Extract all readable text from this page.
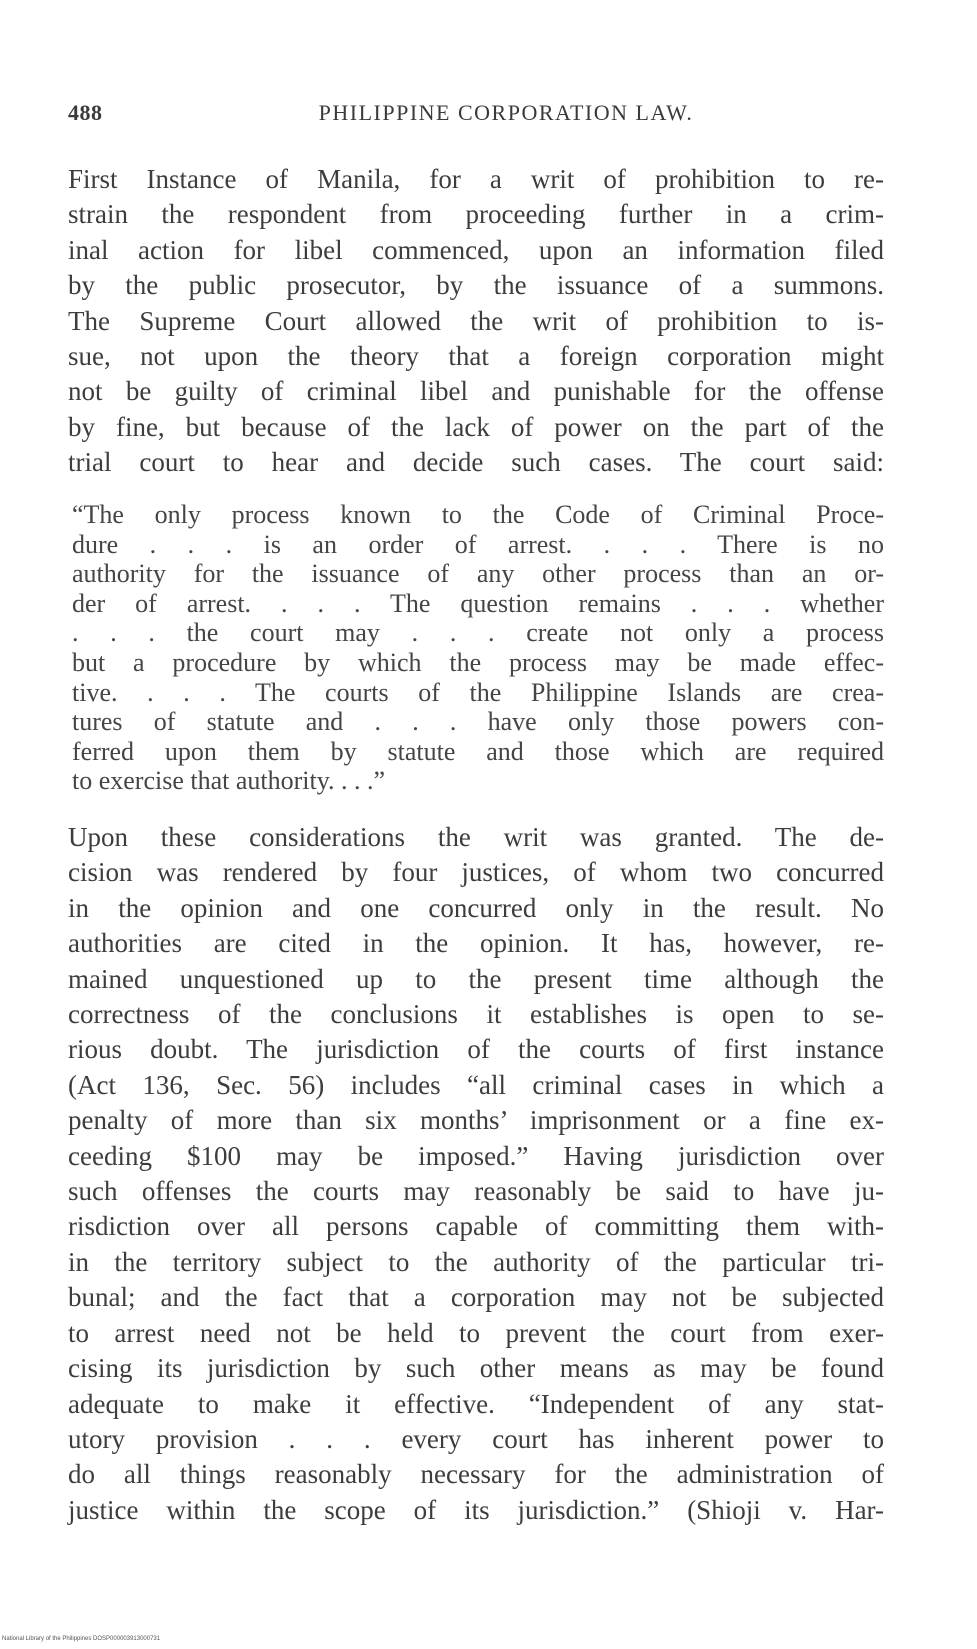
488	PHILIPPINE CORPORATION LAW.
First Instance of Manila, for a writ of prohibition to re-
strain the respondent from proceeding further in a crim-
inal action for libel commenced, upon an information filed
by the public prosecutor, by the issuance of a summons.
The Supreme Court allowed the writ of prohibition to is-
sue, not upon the theory that a foreign corporation might
not be guilty of criminal libel and punishable for the offense
by fine, but because of the lack of power on the part of the
trial court to hear and decide such cases. The court said:
“The only process known to the Code of Criminal Proce-
dure . . . is an order of arrest. . . . There is no
authority for the issuance of any other process than an or-
der of arrest. . . . The question remains . . . whether
. . . the court may . . . create not only a process
but a procedure by which the process may be made effec-
tive. . . . The courts of the Philippine Islands are crea-
tures of statute and . . . have only those powers con-
ferred upon them by statute and those which are required
to exercise that authority. . . .”
Upon these considerations the writ was granted. The de-
cision was rendered by four justices, of whom two concurred
in the opinion and one concurred only in the result. No
authorities are cited in the opinion. It has, however, re-
mained unquestioned up to the present time although the
correctness of the conclusions it establishes is open to se-
rious doubt. The jurisdiction of the courts of first instance
(Act 136, Sec. 56) includes “all criminal cases in which a
penalty of more than six months’ imprisonment or a fine ex-
ceeding $100 may be imposed.” Having jurisdiction over
such offenses the courts may reasonably be said to have ju-
risdiction over all persons capable of committing them with-
in the territory subject to the authority of the particular tri-
bunal; and the fact that a corporation may not be subjected
to arrest need not be held to prevent the court from exer-
cising its jurisdiction by such other means as may be found
adequate to make it effective. “Independent of any stat-
utory provision . . . every court has inherent power to
do all things reasonably necessary for the administration of
justice within the scope of its jurisdiction.” (Shioji v. Har-
National Library of the Philippines DOSP000003913000731
